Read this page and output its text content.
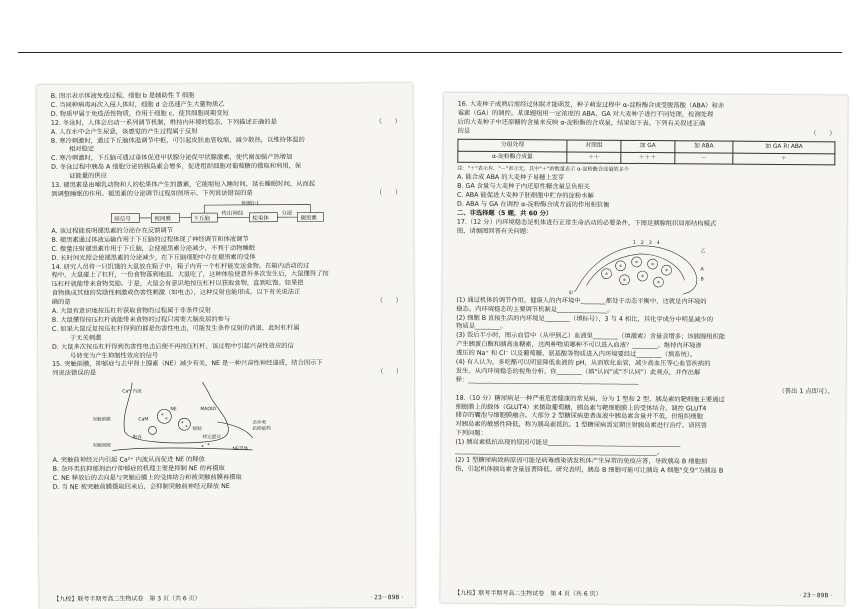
B. 图示表示体液免疫过程，细胞 b 是辅助性 T 细胞

C. 当同种病毒再次入侵人体时，细胞 d 会迅速产生大量物质乙

D. 物质甲属于免疫活性物质，作用于细胞 c，使其细胞周期变短

（　　）
12. 冬泳时，人体会启动一系列调节机制，维持内环境的稳态，下列描述正确的是

A. 人在水中会产生尿意，该感觉的产生过程属于反射

B. 寒冷刺激时，通过下丘脑体温调节中枢，可引起皮肤血管收缩，减少散热，以维持体温的

相对稳定

C. 寒冷刺激时，下丘脑可通过垂体促进甲状腺分泌促甲状腺激素，使代谢加强产热增加

D. 冬泳过程中胰岛 A 细胞分泌的胰岛素会增多，促进组织细胞对葡萄糖的摄取和利用，保

证能量的供应

13. 褪黑素是由哺乳动物和人的松果体产生的激素，它能缩短入睡时间，延长睡眠时间，从而起

（　　）
到调整睡眠的作用。褪黑素的分泌调节过程如图所示，下列说法错误的是

暗信号	视网膜	下丘脑
传出神经
松果体
分泌
褪黑素
抑制(-)

A. 该过程能说明褪黑素的分泌存在反馈调节

B. 褪黑素通过体液运输作用于下丘脑的过程体现了神经调节和体液调节

C. 微量注射褪黑素作用于下丘脑，会使褪黑素分泌减少，不利于动物睡眠

D. 长时间光照会使褪黑素的分泌减少，在下丘脑细胞中存在褪黑素的受体

14. 研究人员将一只饥饿的大鼠放在箱子中，箱子内有一个杠杆能发送食物。在箱内活动的过

程中，大鼠碰上了杠杆，一份食物落到地面。大鼠吃了，这种体验使意外多次发生后，大鼠懂得了按

压杠杆就能带来食物奖励。于是，大鼠会有意识地按压杠杆以获取食物，直到吃饱。如果把

食物换成其他的奖励性刺激或伤害性刺激（如电击），这种反射也能形成。以下有关说法正

（　　）
确的是

A. 大鼠有意识地按压杠杆获取食物的过程属于非条件反射

B. 大鼠懂得按压杠杆就能带来食物的过程只需要大脑皮层的参与

C. 如果大鼠反复按压杠杆得到的都是伤害性电击，可能发生条件反射的消退，此时杠杆属

于无关刺激

D. 大鼠多次按压杠杆得到伤害性电击后便不再按压杠杆，该过程中引起兴奋性效应的信

号转变为产生抑制性效应的信号

15. 突触前膜，抑郁症与去甲肾上腺素（NE）减少有关，NE 是一种兴奋性神经递质，结合图示下

（　　）
列说法错误的是

Ca²⁺内流
NE	MAOID
CaM
抑制
NE受体
杂环类
抗抑郁药
转运蛋白
胞吞
突触前膜
突触间隙

A. 突触前神经元内引起 Ca²⁺ 内流从而促进 NE 的释放

B. 杂环类抗抑郁剂治疗抑郁症的机理主要是抑制 NE 的再摄取

C. NE 释放后的去向是与突触后膜上的受体结合和被突触前膜再摄取

D. 当 NE 被突触前膜摄取回来后，会抑制突触前神经元释放 NE

【九校】联考半期考高二生物试卷　第 3 页（共 6 页）	· 23－89B ·

16. 大麦种子成熟后需经过休眠才能萌发，种子萌发过程中 α-淀粉酶合成受脱落酸（ABA）和赤

霉素（GA）的调控。某课题组用一定浓度的 ABA、GA 对大麦种子进行不同处理，检测处理

后的大麦种子中还原糖的含量来反映 α-淀粉酶的合成量，结果如下表。下列有关叙述正确

（　　）
的是

分组处理	对照组	加 GA	加 ABA	加 GA 和 ABA
α-淀粉酶合成量	＋＋	＋＋＋	－	＋

注："＋"表示有，"－"表示无，其中"＋"的数量表示 α-淀粉酶合成量的多少

A. 能合成 ABA 的大麦种子易穗上发芽

B. GA 含量与大麦种子内还原性糖含量呈负相关

C. ABA 能促进大麦种子胚细胞中贮存的淀粉水解

D. ABA 与 GA 在调控 α-淀粉酶合成方面的作用相抗衡

二、非选择题（5 题，共 60 分）

17.（12 分）内环境稳态是机体进行正常生命活动的必要条件，下图是胰腺组织局部结构模式

图，请据图回答有关问题：

1 2 3 4
乙
A
B
甲

(1) 通过机体的调节作用，健康人的内环境中________都处于动态平衡中，这就是内环境的

稳态。内环境稳态的主要调节机制是________________。

(2) 细胞 B 直接生活的内环境是________（填标号），3 与 4 相比，其化学成分中明显减少的

物质是________。

(3) 饭后半小时，图示血管中（从甲到乙）血液里________（填激素）含量会增多；该胰腺组织能

产生胰蛋白酶和胰高血糖素，这两种物质哪种不可以进入血液？________。维持内环境渗

透压的 Na⁺ 和 Cl⁻ 以及葡萄糖、氨基酸等物质进入内环境要经过________（填系统）。

(4) 有人认为，多吃醋可以明显降低血液的 pH，从而软化血管，减少高血压等心血管疾病的

发生。从内环境稳态的视角分析，你________（填"认同"或"不认同"）此观点，并作出解

释：______________________________________________________

（答出 1 点即可）。

18.（10 分）糖尿病是一种严重危害健康的常见病，分为 1 型和 2 型，胰岛素的靶细胞主要通过

细胞膜上的载体（GLUT4）来摄取葡萄糖，胰岛素与靶细胞膜上的受体结合，调控 GLUT4

储存的囊泡与细胞膜融合。大部分 2 型糖尿病患者血液中胰岛素含量并不低，但组织细胞

对胰岛素的敏感性降低，称为胰岛素抵抗。1 型糖尿病需定期注射胰岛素进行治疗。请回答

下列问题：

(1) 胰岛素抵抗出现的原因可能是__________________________________________

________________________________________________________________。

(2) 1 型糖尿病致病原因可能是病毒感染诱发机体产生异常的免疫应答，导致胰岛 B 细胞损

伤，引起机体胰岛素含量显著降低。研究表明，胰岛 B 细胞可能可让胰岛 A 细胞"变身"为胰岛 B

【九校】联考半期考高二生物试卷　第 4 页（共 6 页）	· 23－89B ·
